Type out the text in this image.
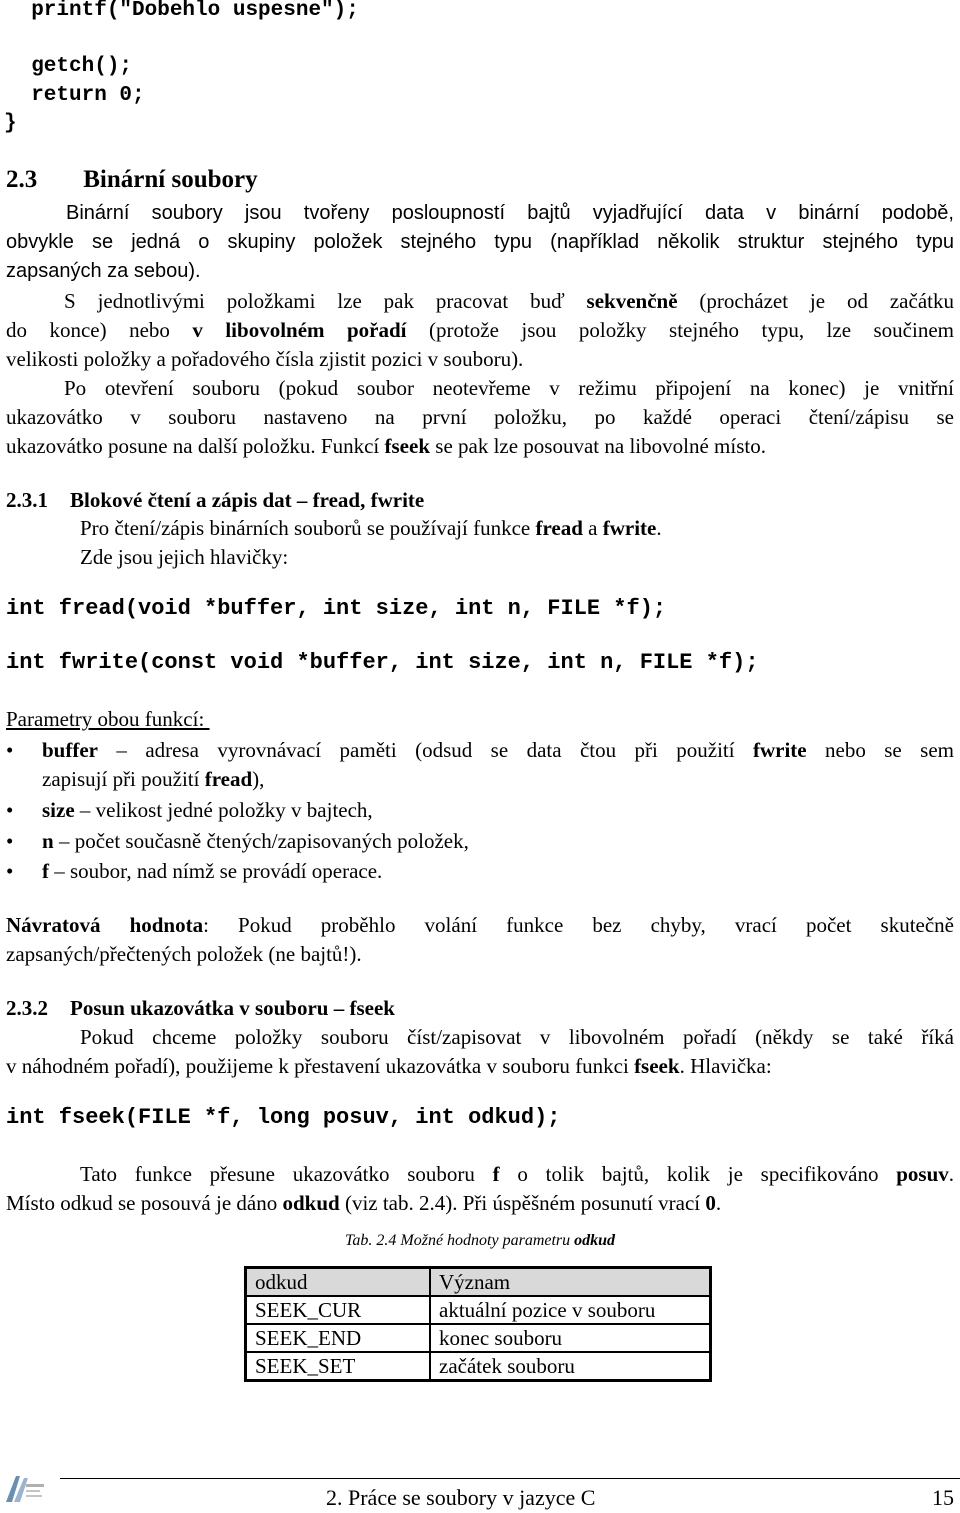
printf("Dobehlo uspesne");
getch();
return 0;
}
2.3 Binární soubory
Binární soubory jsou tvořeny posloupností bajtů vyjadřující data v binární podobě,
obvykle se jedná o skupiny položek stejného typu (například několik struktur stejného typu
zapsaných za sebou).
S jednotlivými položkami lze pak pracovat buď sekvenčně (procházet je od začátku
do konce) nebo v libovolném pořadí (protože jsou položky stejného typu, lze součinem
velikosti položky a pořadového čísla zjistit pozici v souboru).
Po otevření souboru (pokud soubor neotevřeme v režimu připojení na konec) je vnitřní
ukazovátko v souboru nastaveno na první položku, po každé operaci čtení/zápisu se
ukazovátko posune na další položku. Funkcí fseek se pak lze posouvat na libovolné místo.
2.3.1 Blokové čtení a zápis dat – fread, fwrite
Pro čtení/zápis binárních souborů se používají funkce fread a fwrite.
Zde jsou jejich hlavičky:
int fread(void *buffer, int size, int n, FILE *f);
int fwrite(const void *buffer, int size, int n, FILE *f);
Parametry obou funkcí:
• buffer – adresa vyrovnávací paměti (odsud se data čtou při použití fwrite nebo se sem
zapisují při použití fread),
• size – velikost jedné položky v bajtech,
• n – počet současně čtených/zapisovaných položek,
• f – soubor, nad nímž se provádí operace.
Návratová hodnota: Pokud proběhlo volání funkce bez chyby, vrací počet skutečně
zapsaných/přečtených položek (ne bajtů!).
2.3.2 Posun ukazovátka v souboru – fseek
Pokud chceme položky souboru číst/zapisovat v libovolném pořadí (někdy se také říká
v náhodném pořadí), použijeme k přestavení ukazovátka v souboru funkci fseek. Hlavička:
int fseek(FILE *f, long posuv, int odkud);
Tato funkce přesune ukazovátko souboru f o tolik bajtů, kolik je specifikováno posuv.
Místo odkud se posouvá je dáno odkud (viz tab. 2.4). Při úspěšném posunutí vrací 0.
Tab. 2.4 Možné hodnoty parametru odkud
odkud	Význam
SEEK_CUR	aktuální pozice v souboru
SEEK_END	konec souboru
SEEK_SET	začátek souboru
2. Práce se soubory v jazyce C	15
